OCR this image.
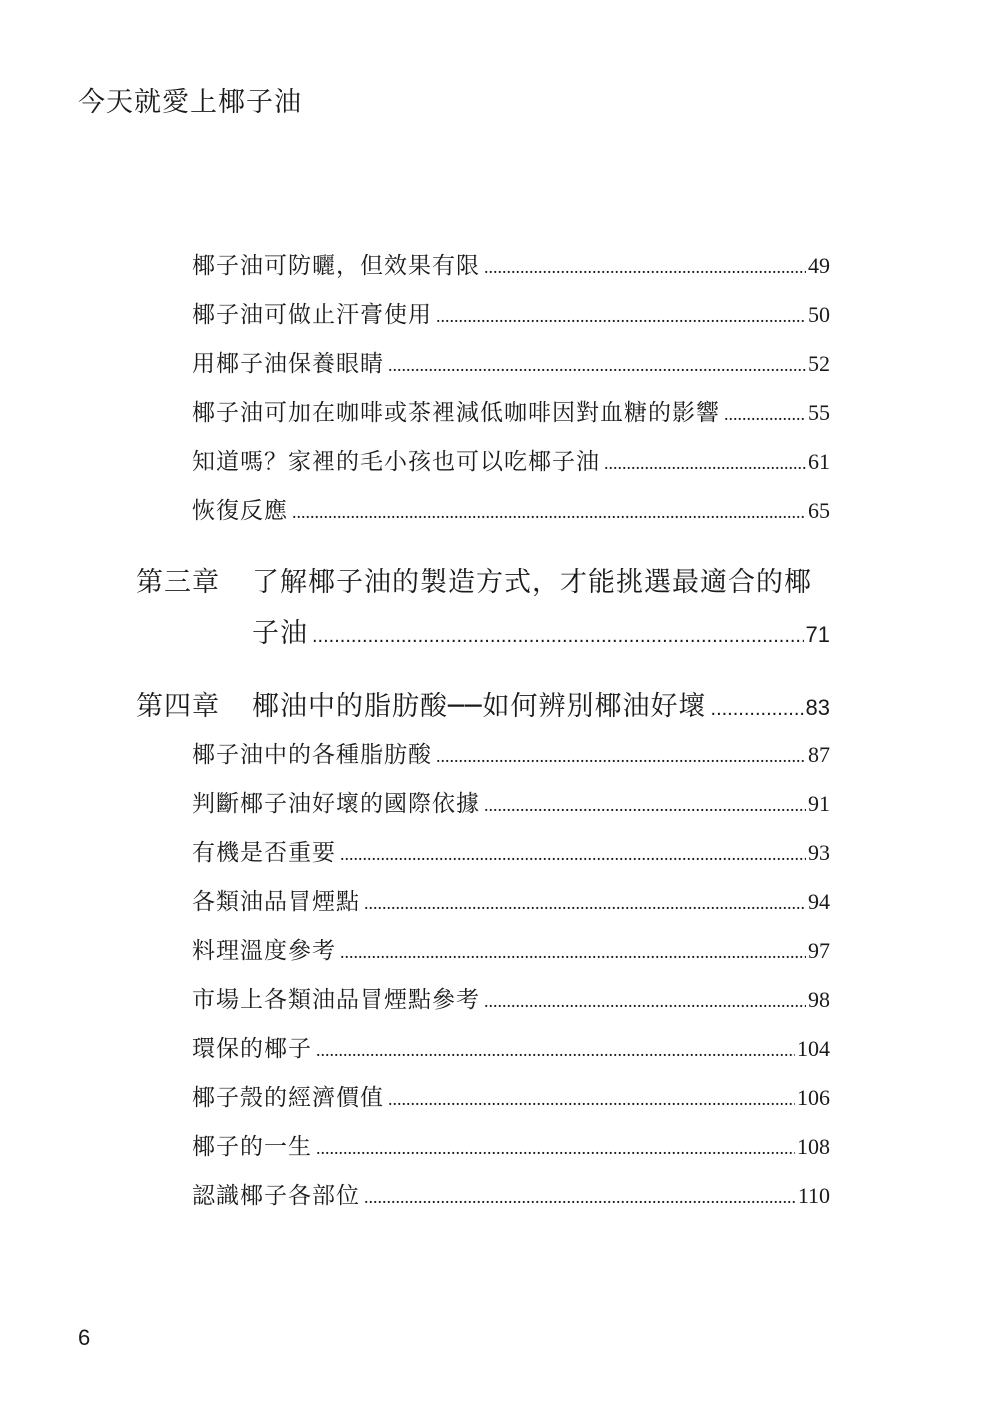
今天就愛上椰子油
椰子油可防曬，但效果有限 .....	49
椰子油可做止汗膏使用 .....	50
用椰子油保養眼睛 .....	52
椰子油可加在咖啡或茶裡減低咖啡因對血糖的影響 .....	55
知道嗎？家裡的毛小孩也可以吃椰子油 .....	61
恢復反應 .....	65
第三章	了解椰子油的製造方式，才能挑選最適合的椰
子油 .....	71
第四章	椰油中的脂肪酸──如何辨別椰油好壞 .....	83
椰子油中的各種脂肪酸 .....	87
判斷椰子油好壞的國際依據 .....	91
有機是否重要 .....	93
各類油品冒煙點 .....	94
料理溫度參考 .....	97
市場上各類油品冒煙點參考 .....	98
環保的椰子 .....	104
椰子殼的經濟價值 .....	106
椰子的一生 .....	108
認識椰子各部位 .....	110
6
